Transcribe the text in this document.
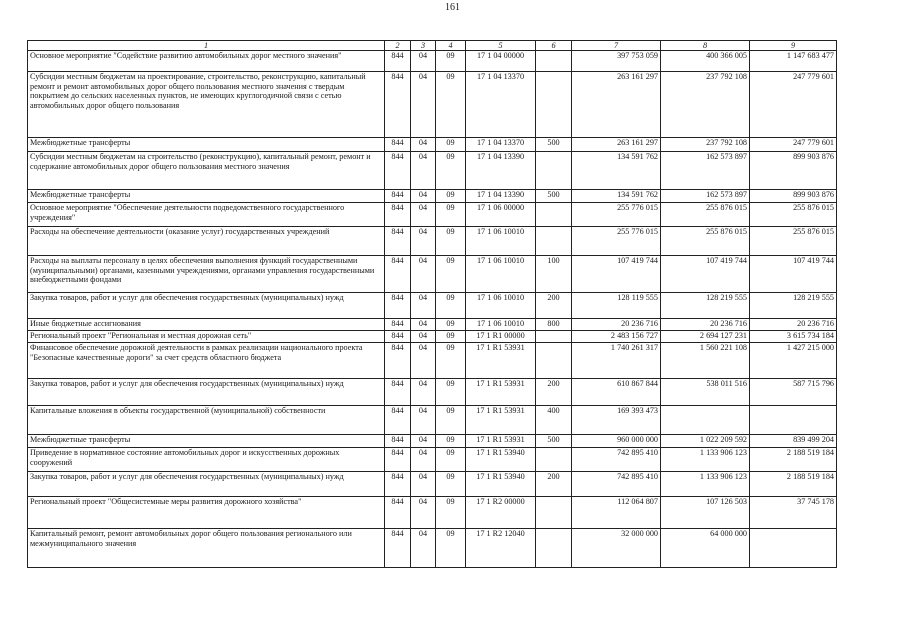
161
1	2	3	4	5	6	7	8	9
Основное мероприятие "Содействие развитию автомобильных дорог местного значения"	844	04	09	17 1 04 00000		397 753 059	400 366 005	1 147 683 477
Субсидии местным бюджетам на проектирование, строительство, реконструкцию, капитальный ремонт и ремонт автомобильных дорог общего пользования местного значения с твердым покрытием до сельских населенных пунктов, не имеющих круглогодичной связи с сетью автомобильных дорог общего пользования	844	04	09	17 1 04 13370		263 161 297	237 792 108	247 779 601
Межбюджетные трансферты	844	04	09	17 1 04 13370	500	263 161 297	237 792 108	247 779 601
Субсидии местным бюджетам на строительство (реконструкцию), капитальный ремонт, ремонт и содержание автомобильных дорог общего пользования местного значения	844	04	09	17 1 04 13390		134 591 762	162 573 897	899 903 876
Межбюджетные трансферты	844	04	09	17 1 04 13390	500	134 591 762	162 573 897	899 903 876
Основное мероприятие "Обеспечение деятельности подведомственного государственного учреждения"	844	04	09	17 1 06 00000		255 776 015	255 876 015	255 876 015
Расходы на обеспечение деятельности (оказание услуг) государственных учреждений	844	04	09	17 1 06 10010		255 776 015	255 876 015	255 876 015
Расходы на выплаты персоналу в целях обеспечения выполнения функций государственными (муниципальными) органами, казенными учреждениями, органами управления государственными внебюджетными фондами	844	04	09	17 1 06 10010	100	107 419 744	107 419 744	107 419 744
Закупка товаров, работ и услуг для обеспечения государственных (муниципальных) нужд	844	04	09	17 1 06 10010	200	128 119 555	128 219 555	128 219 555
Иные бюджетные ассигнования	844	04	09	17 1 06 10010	800	20 236 716	20 236 716	20 236 716
Региональный проект "Региональная и местная дорожная сеть"	844	04	09	17 1 R1 00000		2 483 156 727	2 694 127 231	3 615 734 184
Финансовое обеспечение дорожной деятельности в рамках реализации национального проекта "Безопасные качественные дороги" за счет средств областного бюджета	844	04	09	17 1 R1 53931		1 740 261 317	1 560 221 108	1 427 215 000
Закупка товаров, работ и услуг для обеспечения государственных (муниципальных) нужд	844	04	09	17 1 R1 53931	200	610 867 844	538 011 516	587 715 796
Капитальные вложения в объекты государственной (муниципальной) собственности	844	04	09	17 1 R1 53931	400	169 393 473		
Межбюджетные трансферты	844	04	09	17 1 R1 53931	500	960 000 000	1 022 209 592	839 499 204
Приведение в нормативное состояние автомобильных дорог и искусственных дорожных сооружений	844	04	09	17 1 R1 53940		742 895 410	1 133 906 123	2 188 519 184
Закупка товаров, работ и услуг для обеспечения государственных (муниципальных) нужд	844	04	09	17 1 R1 53940	200	742 895 410	1 133 906 123	2 188 519 184
Региональный проект "Общесистемные меры развития дорожного хозяйства"	844	04	09	17 1 R2 00000		112 064 807	107 126 503	37 745 178
Капитальный ремонт, ремонт автомобильных дорог общего пользования регионального или межмуниципального значения	844	04	09	17 1 R2 12040		32 000 000	64 000 000	
